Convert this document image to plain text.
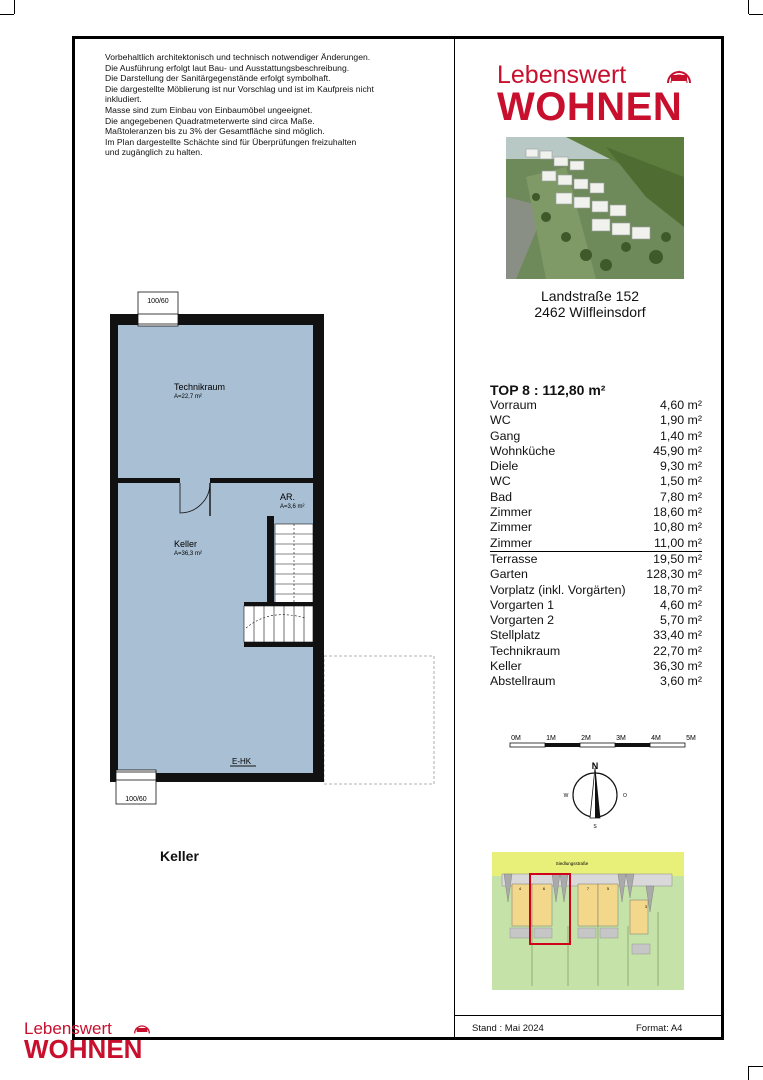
Vorbehaltlich architektonisch und technisch notwendiger Änderungen.
Die Ausführung erfolgt laut Bau- und Ausstattungsbeschreibung.
Die Darstellung der Sanitärgegenstände erfolgt symbolhaft.
Die dargestellte Möblierung ist nur Vorschlag und ist im Kaufpreis nicht
inkludiert.
Masse sind zum Einbau von Einbaumöbel ungeeignet.
Die angegebenen Quadratmeterwerte sind circa Maße.
Maßtoleranzen bis zu 3% der Gesamtfläche sind möglich.
Im Plan dargestellte Schächte sind für Überprüfungen freizuhalten
und zugänglich zu halten.
Lebenswert
WOHNEN
★
Landstraße 152
2462 Wilfleinsdorf
TOP 8 : 112,80 m²
Vorraum	4,60 m²
WC	1,90 m²
Gang	1,40 m²
Wohnküche	45,90 m²
Diele	9,30 m²
WC	1,50 m²
Bad	7,80 m²
Zimmer	18,60 m²
Zimmer	10,80 m²
Zimmer	11,00 m²
Terrasse	19,50 m²
Garten	128,30 m²
Vorplatz (inkl. Vorgärten) 18,70 m²
Vorgarten 1	4,60 m²
Vorgarten 2	5,70 m²
Stellplatz	33,40 m²
Technikraum	22,70 m²
Keller	36,30 m²
Abstellraum	3,60 m²
100/60
100/60
Technikraum
A=22,7 m²
Keller
A=36,3 m²
AR.
A=3,6 m²
E-HK
Keller
0M	1M	2M	3M	4M	5M
N
S
W	O
Siedlungsstraße
4	6	7	5
3
Stand : Mai 2024	Format: A4
Lebenswert
WOHNEN
